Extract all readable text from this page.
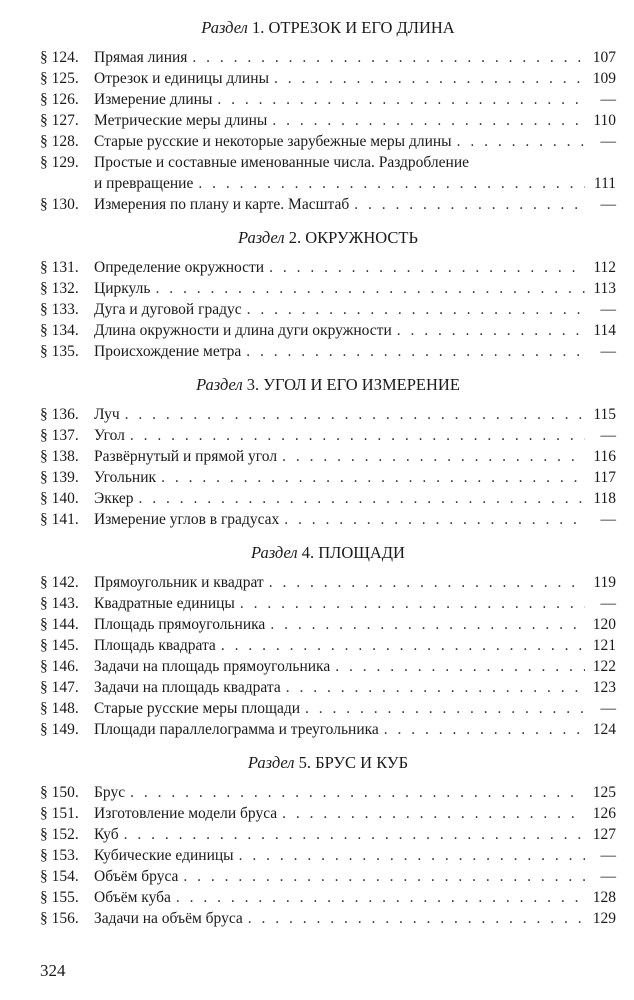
Раздел 1. ОТРЕЗОК И ЕГО ДЛИНА
§ 124. Прямая линия . . .	107
§ 125. Отрезок и единицы длины . . .	109
§ 126. Измерение длины . . .	—
§ 127. Метрические меры длины . . .	110
§ 128. Старые русские и некоторые зарубежные меры длины . . .	—
§ 129. Простые и составные именованные числа. Раздробление
и превращение . . .	111
§ 130. Измерения по плану и карте. Масштаб . . .	—
Раздел 2. ОКРУЖНОСТЬ
§ 131. Определение окружности . . .	112
§ 132. Циркуль . . .	113
§ 133. Дуга и дуговой градус . . .	—
§ 134. Длина окружности и длина дуги окружности . . .	114
§ 135. Происхождение метра . . .	—
Раздел 3. УГОЛ И ЕГО ИЗМЕРЕНИЕ
§ 136. Луч . . .	115
§ 137. Угол . . .	—
§ 138. Развёрнутый и прямой угол . . .	116
§ 139. Угольник . . .	117
§ 140. Эккер . . .	118
§ 141. Измерение углов в градусах . . .	—
Раздел 4. ПЛОЩАДИ
§ 142. Прямоугольник и квадрат . . .	119
§ 143. Квадратные единицы . . .	—
§ 144. Площадь прямоугольника . . .	120
§ 145. Площадь квадрата . . .	121
§ 146. Задачи на площадь прямоугольника . . .	122
§ 147. Задачи на площадь квадрата . . .	123
§ 148. Старые русские меры площади . . .	—
§ 149. Площади параллелограмма и треугольника . . .	124
Раздел 5. БРУС И КУБ
§ 150. Брус . . .	125
§ 151. Изготовление модели бруса . . .	126
§ 152. Куб . . .	127
§ 153. Кубические единицы . . .	—
§ 154. Объём бруса . . .	—
§ 155. Объём куба . . .	128
§ 156. Задачи на объём бруса . . .	129
324
